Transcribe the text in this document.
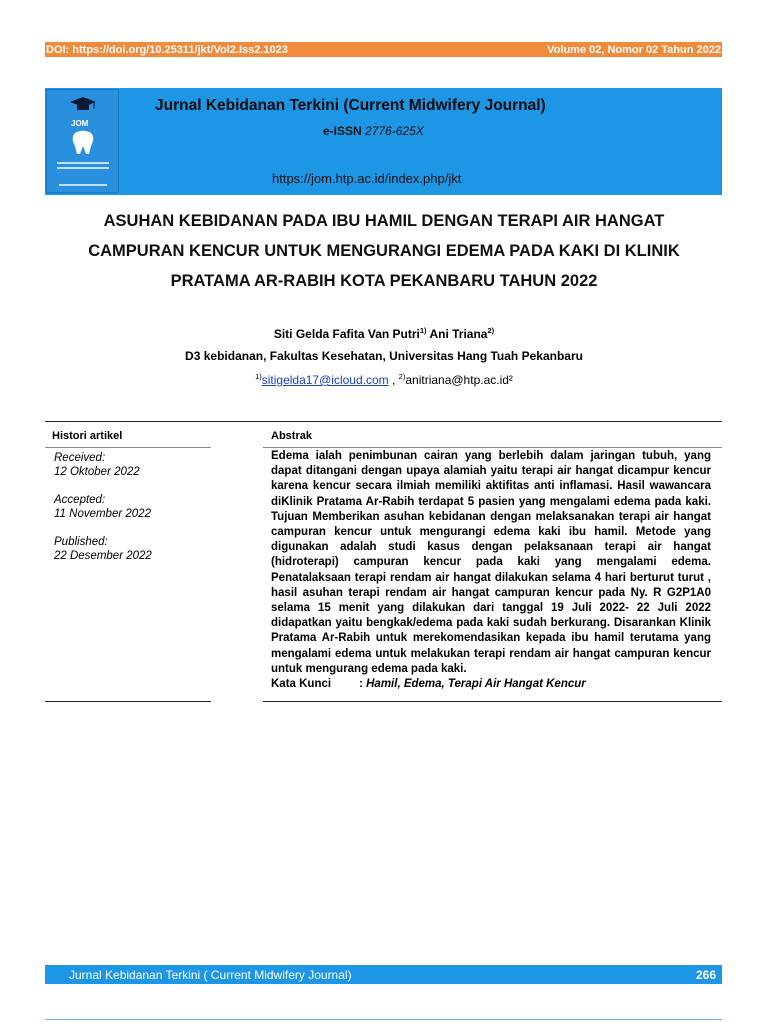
DOI: https://doi.org/10.25311/jkt/Vol2.Iss2.1023	Volume 02, Nomor 02 Tahun 2022
JOM
Jurnal Kebidanan Terkini (Current Midwifery Journal)
e-ISSN 2776-625X
https://jom.htp.ac.id/index.php/jkt
ASUHAN KEBIDANAN PADA IBU HAMIL DENGAN TERAPI AIR HANGAT
CAMPURAN KENCUR UNTUK MENGURANGI EDEMA PADA KAKI DI KLINIK
PRATAMA AR-RABIH KOTA PEKANBARU TAHUN 2022
Siti Gelda Fafita Van Putri$^{1)}$ Ani Triana$^{2)}$
D3 kebidanan, Fakultas Kesehatan, Universitas Hang Tuah Pekanbaru
$^{1)}$sitigelda17@icloud.com , $^{2)}$anitriana@htp.ac.id²
Histori artikel	Abstrak
Received:
12 Oktober 2022
Accepted:
11 November 2022
Published:
22 Desember 2022
Edema ialah penimbunan cairan yang berlebih dalam jaringan tubuh, yang dapat ditangani dengan upaya alamiah yaitu terapi air hangat dicampur kencur karena kencur secara ilmiah memiliki aktifitas anti inflamasi. Hasil wawancara diKlinik Pratama Ar-Rabih terdapat 5 pasien yang mengalami edema pada kaki. Tujuan Memberikan asuhan kebidanan dengan melaksanakan terapi air hangat campuran kencur untuk mengurangi edema kaki ibu hamil. Metode yang digunakan adalah studi kasus dengan pelaksanaan terapi air hangat (hidroterapi) campuran kencur pada kaki yang mengalami edema. Penatalaksaan terapi rendam air hangat dilakukan selama 4 hari berturut turut , hasil asuhan terapi rendam air hangat campuran kencur pada Ny. R G2P1A0 selama 15 menit yang dilakukan dari tanggal 19 Juli 2022- 22 Juli 2022 didapatkan yaitu bengkak/edema pada kaki sudah berkurang. Disarankan Klinik Pratama Ar-Rabih untuk merekomendasikan kepada ibu hamil terutama yang mengalami edema untuk melakukan terapi rendam air hangat campuran kencur untuk mengurang edema pada kaki.
Kata Kunci : Hamil, Edema, Terapi Air Hangat Kencur
Jurnal Kebidanan Terkini ( Current Midwifery Journal)	266
